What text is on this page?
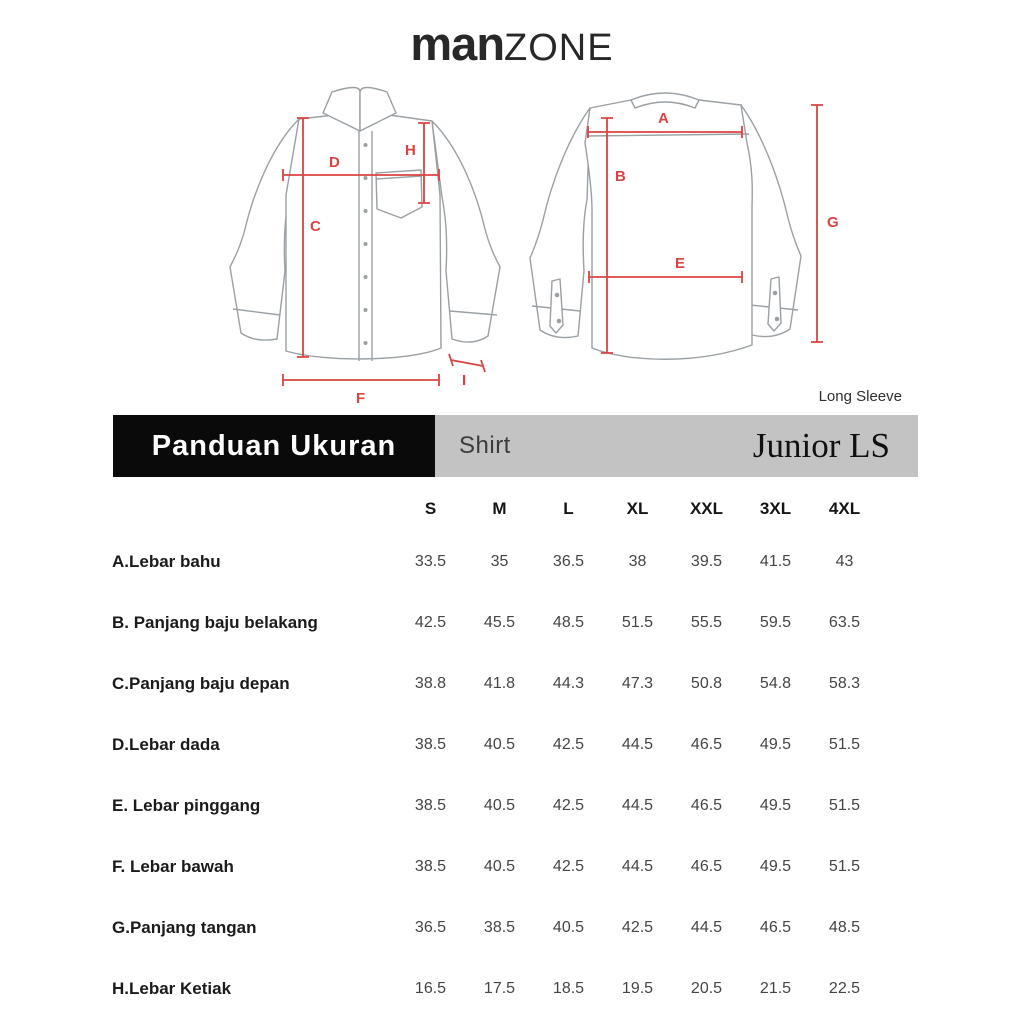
manZONE
D
C
H
F
I
A
B
E
G
Long Sleeve
Panduan Ukuran	Shirt	Junior LS
S	M	L	XL	XXL	3XL	4XL
A.Lebar bahu	33.5	35	36.5	38	39.5	41.5	43
B. Panjang baju belakang	42.5	45.5	48.5	51.5	55.5	59.5	63.5
C.Panjang baju depan	38.8	41.8	44.3	47.3	50.8	54.8	58.3
D.Lebar dada	38.5	40.5	42.5	44.5	46.5	49.5	51.5
E. Lebar pinggang	38.5	40.5	42.5	44.5	46.5	49.5	51.5
F. Lebar bawah	38.5	40.5	42.5	44.5	46.5	49.5	51.5
G.Panjang tangan	36.5	38.5	40.5	42.5	44.5	46.5	48.5
H.Lebar Ketiak	16.5	17.5	18.5	19.5	20.5	21.5	22.5
